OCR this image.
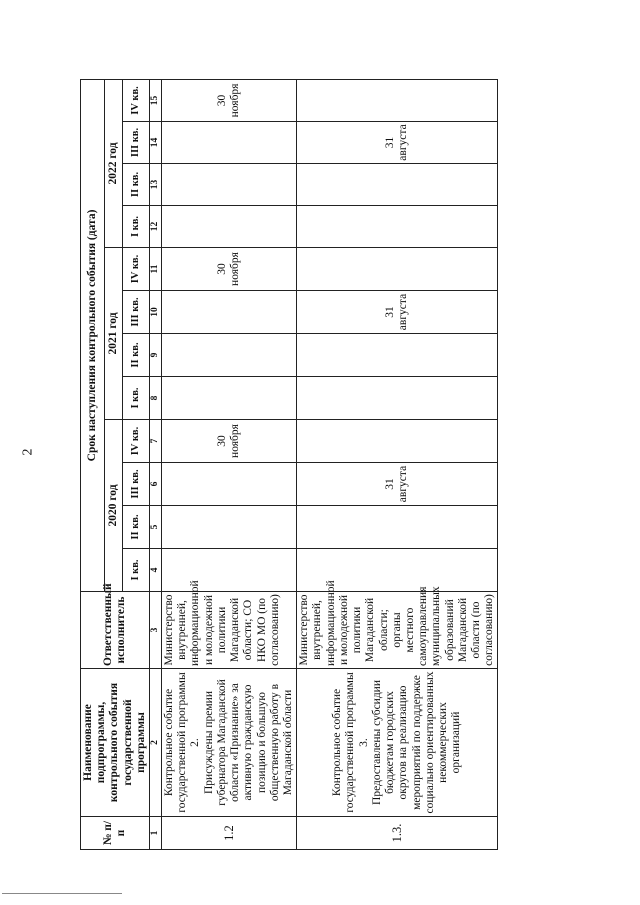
2
№ п/п	Наименование подпрограммы, контрольного события государственной программы	Ответственный исполнитель	Срок наступления контрольного события (дата)											
			2020 год				2021 год				2022 год			
			I кв.	II кв.	III кв.	IV кв.	I кв.	II кв.	III кв.	IV кв.	I кв.	II кв.	III кв.	IV кв.
1	2	3	4	5	6	7	8	9	10	11	12	13	14	15
1.2	Контрольное событие государственной программы 2. Присуждены премии губернатора Магаданской области «Признание» за активную гражданскую позицию и большую общественную работу в Магаданской области	Министерство внутренней, информационной и молодежной политики Магаданской области; СО НКО МО (по согласованию)				30 ноября				30 ноября				30 ноября
1.3.	Контрольное событие государственной программы 3. Предоставлены субсидии бюджетам городских округов на реализацию мероприятий по поддержке социально ориентированных некоммерческих организаций	Министерство внутренней, информационной и молодежной политики Магаданской области; органы местного самоуправления муниципальных образований Магаданской области (по согласованию)			31 августа				31 августа				31 августа	
